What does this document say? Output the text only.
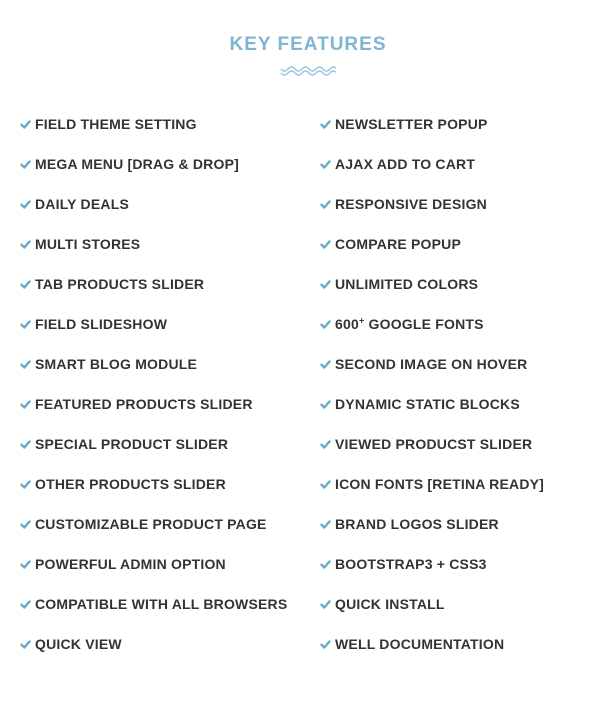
KEY FEATURES
FIELD THEME SETTING
MEGA MENU [DRAG & DROP]
DAILY DEALS
MULTI STORES
TAB PRODUCTS SLIDER
FIELD SLIDESHOW
SMART BLOG MODULE
FEATURED PRODUCTS SLIDER
SPECIAL PRODUCT SLIDER
OTHER PRODUCTS SLIDER
CUSTOMIZABLE PRODUCT PAGE
POWERFUL ADMIN OPTION
COMPATIBLE WITH ALL BROWSERS
QUICK VIEW
NEWSLETTER POPUP
AJAX ADD TO CART
RESPONSIVE DESIGN
COMPARE POPUP
UNLIMITED COLORS
600+ GOOGLE FONTS
SECOND IMAGE ON HOVER
DYNAMIC STATIC BLOCKS
VIEWED PRODUCST SLIDER
ICON FONTS [RETINA READY]
BRAND LOGOS SLIDER
BOOTSTRAP3 + CSS3
QUICK INSTALL
WELL DOCUMENTATION
